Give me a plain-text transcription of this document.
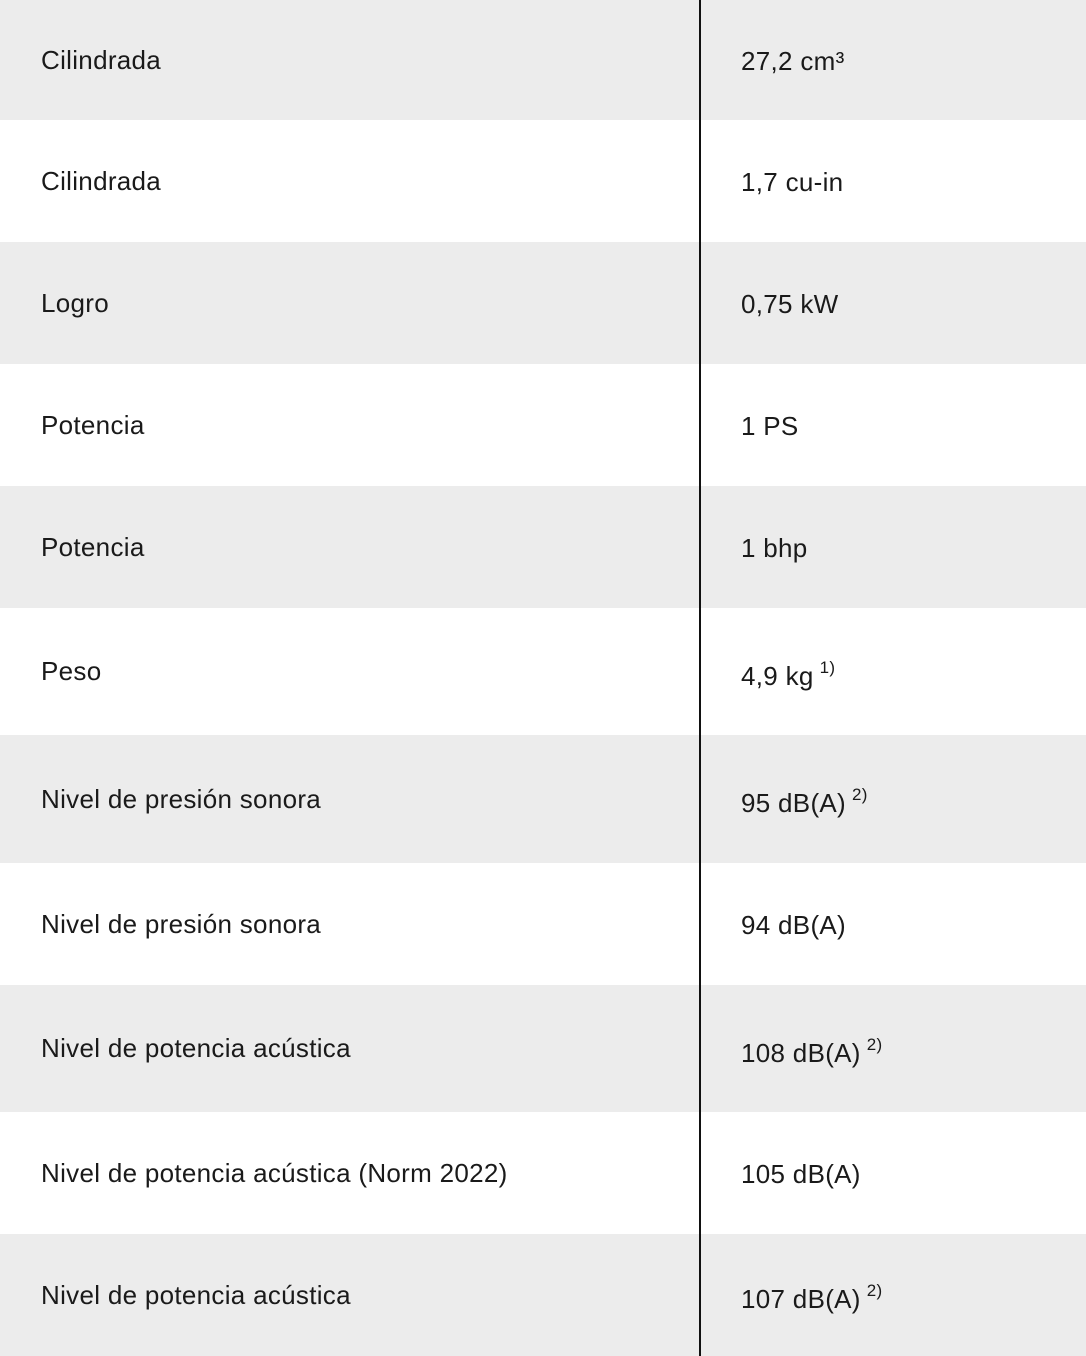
Cilindrada	27,2 cm³
Cilindrada	1,7 cu-in
Logro	0,75 kW
Potencia	1 PS
Potencia	1 bhp
Peso	4,9 kg $^{1)}$
Nivel de presión sonora	95 dB(A) $^{2)}$
Nivel de presión sonora	94 dB(A)
Nivel de potencia acústica	108 dB(A) $^{2)}$
Nivel de potencia acústica (Norm 2022)	105 dB(A)
Nivel de potencia acústica	107 dB(A) $^{2)}$
